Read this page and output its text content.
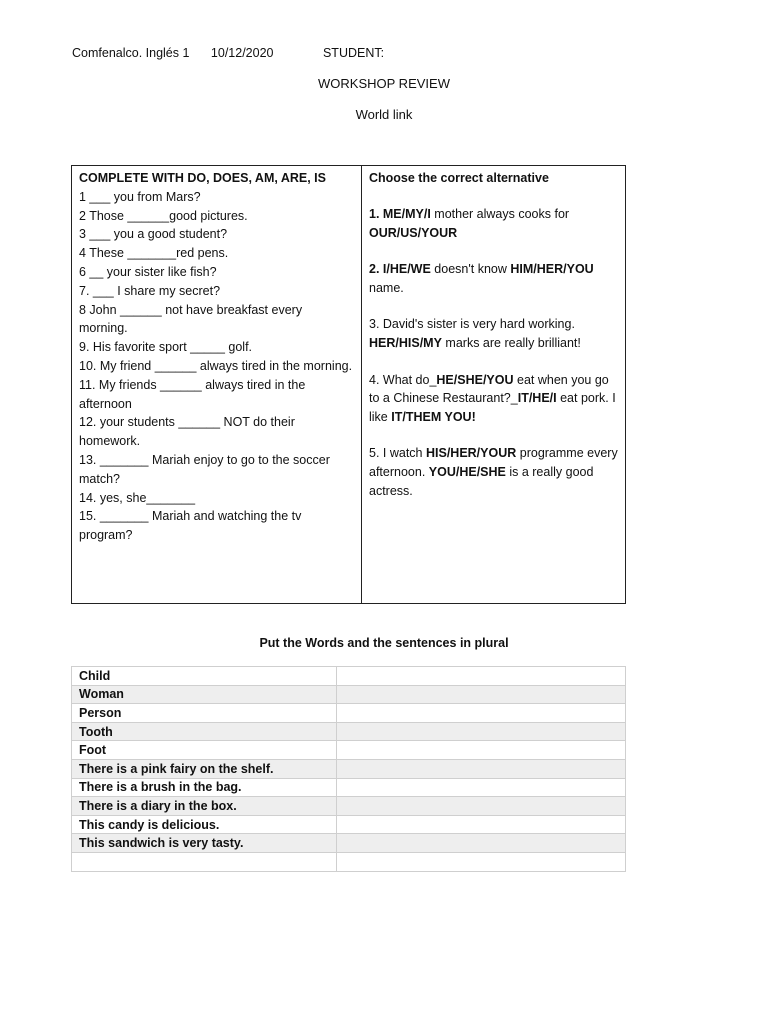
Comfenalco. Inglés 1 10/12/2020	STUDENT:
WORKSHOP REVIEW
World link
COMPLETE WITH DO, DOES, AM, ARE, IS
1 ___ you from Mars?
2 Those ______good pictures.
3 ___ you a good student?
4 These _______red pens.
6 __ your sister like fish?
7. ___ I share my secret?
8 John ______ not have breakfast every morning.
9. His favorite sport _____ golf.
10. My friend ______ always tired in the morning.
11. My friends ______ always tired in the afternoon
12. your students ______ NOT do their homework.
13. _______ Mariah enjoy to go to the soccer match?
14. yes, she_______
15. _______ Mariah and watching the tv program?
Choose the correct alternative

1. ME/MY/I mother always cooks for OUR/US/YOUR

2. I/HE/WE doesn't know HIM/HER/YOU name.

3. David's sister is very hard working. HER/HIS/MY marks are really brilliant!

4. What do_HE/SHE/YOU eat when you go to a Chinese Restaurant?_IT/HE/I eat pork. I like IT/THEM YOU!

5. I watch HIS/HER/YOUR programme every afternoon. YOU/HE/SHE is a really good actress.

Put the Words and the sentences in plural
Child	
Woman	
Person	
Tooth	
Foot	
There is a pink fairy on the shelf.	
There is a brush in the bag.	
There is a diary in the box.	
This candy is delicious.	
This sandwich is very tasty.	
